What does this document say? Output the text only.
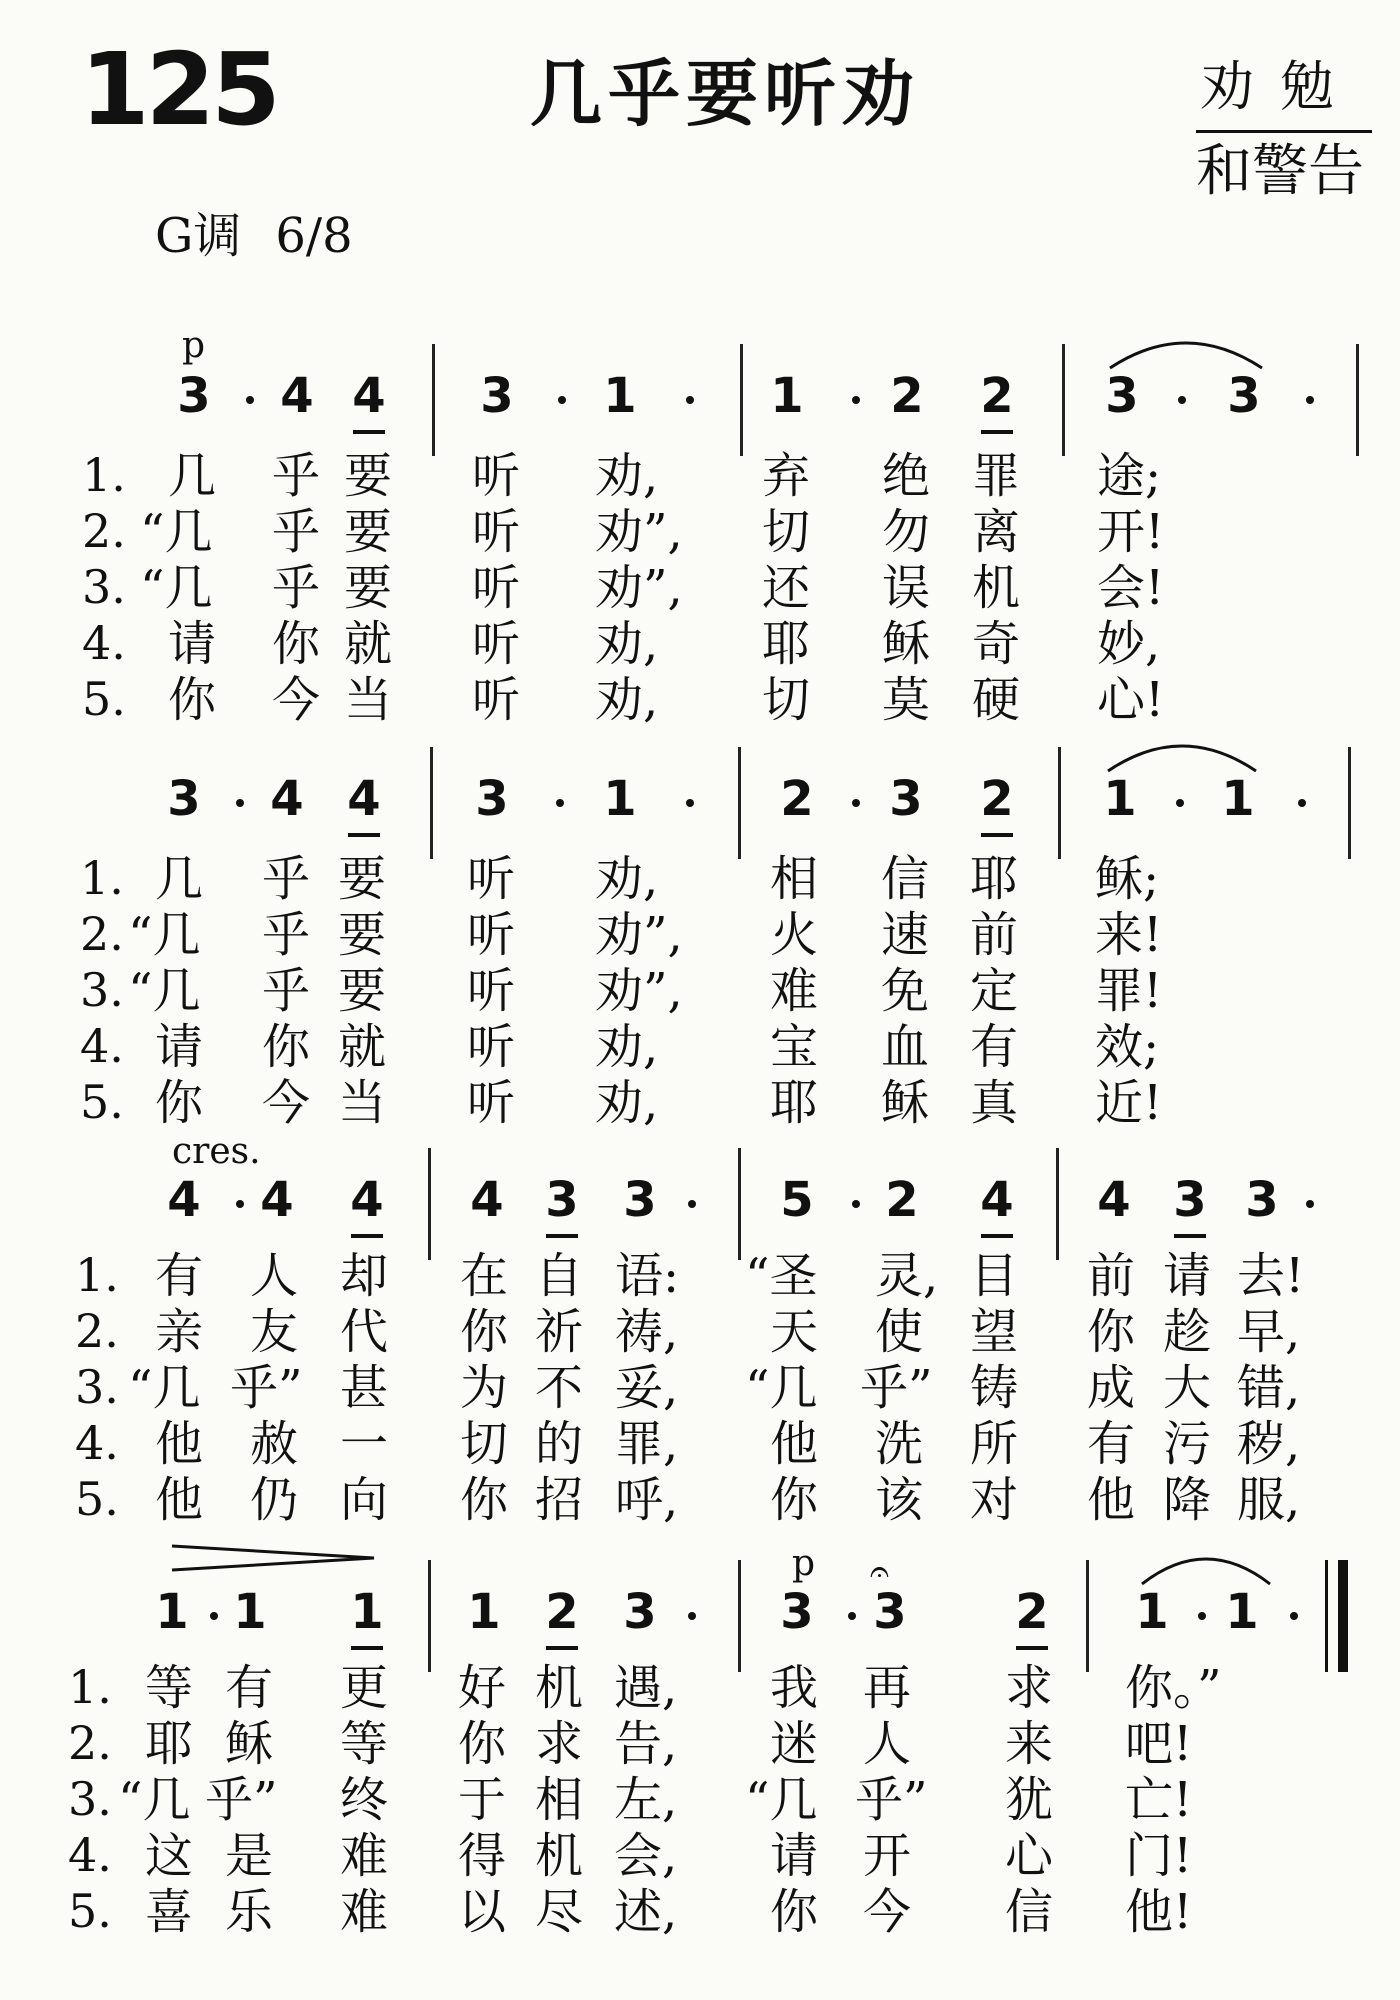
125	几乎要听劝	劝勉
和警告
G调 6/8
p
3 4 4 3 1	1 2 2 3 3
1. 几 乎 要 听 劝, 弃 绝 罪 途;
2. “几 乎 要 听 劝”, 切 勿 离 开!
3. “几 乎 要 听 劝”, 还 误 机 会!
4. 请 你 就 听 劝, 耶 稣 奇 妙,
5. 你 今 当 听 劝, 切 莫 硬 心!
3 4 4 3 1	2 3 2 1 1
1. 几 乎 要 听 劝, 相 信 耶 稣;
2. “几 乎 要 听 劝”, 火 速 前 来!
3. “几 乎 要 听 劝”, 难 免 定 罪!
4. 请 你 就 听 劝, 宝 血 有 效;
5. 你 今 当 听 劝, 耶 稣 真 近!
cres.
4 4 4 4 3 3	5 2 4 4 3 3
1. 有 人 却 在 自 语: “圣 灵, 目 前 请 去!
2. 亲 友 代 你 祈 祷, 天 使 望 你 趁 早,
3. “几 乎” 甚 为 不 妥, “几 乎” 铸 成 大 错,
4. 他 赦 一 切 的 罪, 他 洗 所 有 污 秽,
5. 他 仍 向 你 招 呼, 你 该 对 他 降 服,
p
1 1 1 1 2 3	3 3
𝄐
2 1 1
1. 等 有 更 好 机 遇, 我 再 求 你。”
2. 耶 稣 等 你 求 告, 迷 人 来 吧!
3. “几 乎” 终 于 相 左, “几 乎” 犹 亡!
4. 这 是 难 得 机 会, 请 开 心 门!
5. 喜 乐 难 以 尽 述, 你 今 信 他!
